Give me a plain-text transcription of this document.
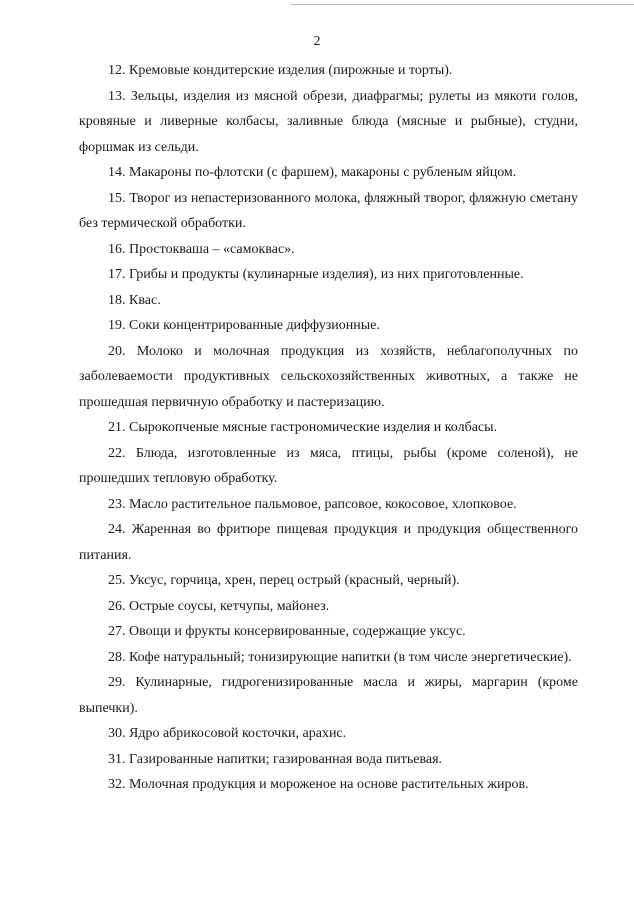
2

12. Кремовые кондитерские изделия (пирожные и торты).

13. Зельцы, изделия из мясной обрези, диафрагмы; рулеты из мякоти голов, кровяные и ливерные колбасы, заливные блюда (мясные и рыбные), студни, форшмак из сельди.

14. Макароны по-флотски (с фаршем), макароны с рубленым яйцом.

15. Творог из непастеризованного молока, фляжный творог, фляжную сметану без термической обработки.

16. Простокваша – «самоквас».

17. Грибы и продукты (кулинарные изделия), из них приготовленные.

18. Квас.

19. Соки концентрированные диффузионные.

20. Молоко и молочная продукция из хозяйств, неблагополучных по заболеваемости продуктивных сельскохозяйственных животных, а также не прошедшая первичную обработку и пастеризацию.

21. Сырокопченые мясные гастрономические изделия и колбасы.

22. Блюда, изготовленные из мяса, птицы, рыбы (кроме соленой), не прошедших тепловую обработку.

23. Масло растительное пальмовое, рапсовое, кокосовое, хлопковое.

24. Жаренная во фритюре пищевая продукция и продукция общественного питания.

25. Уксус, горчица, хрен, перец острый (красный, черный).

26. Острые соусы, кетчупы, майонез.

27. Овощи и фрукты консервированные, содержащие уксус.

28. Кофе натуральный; тонизирующие напитки (в том числе энергетические).

29. Кулинарные, гидрогенизированные масла и жиры, маргарин (кроме выпечки).

30. Ядро абрикосовой косточки, арахис.

31. Газированные напитки; газированная вода питьевая.

32. Молочная продукция и мороженое на основе растительных жиров.
